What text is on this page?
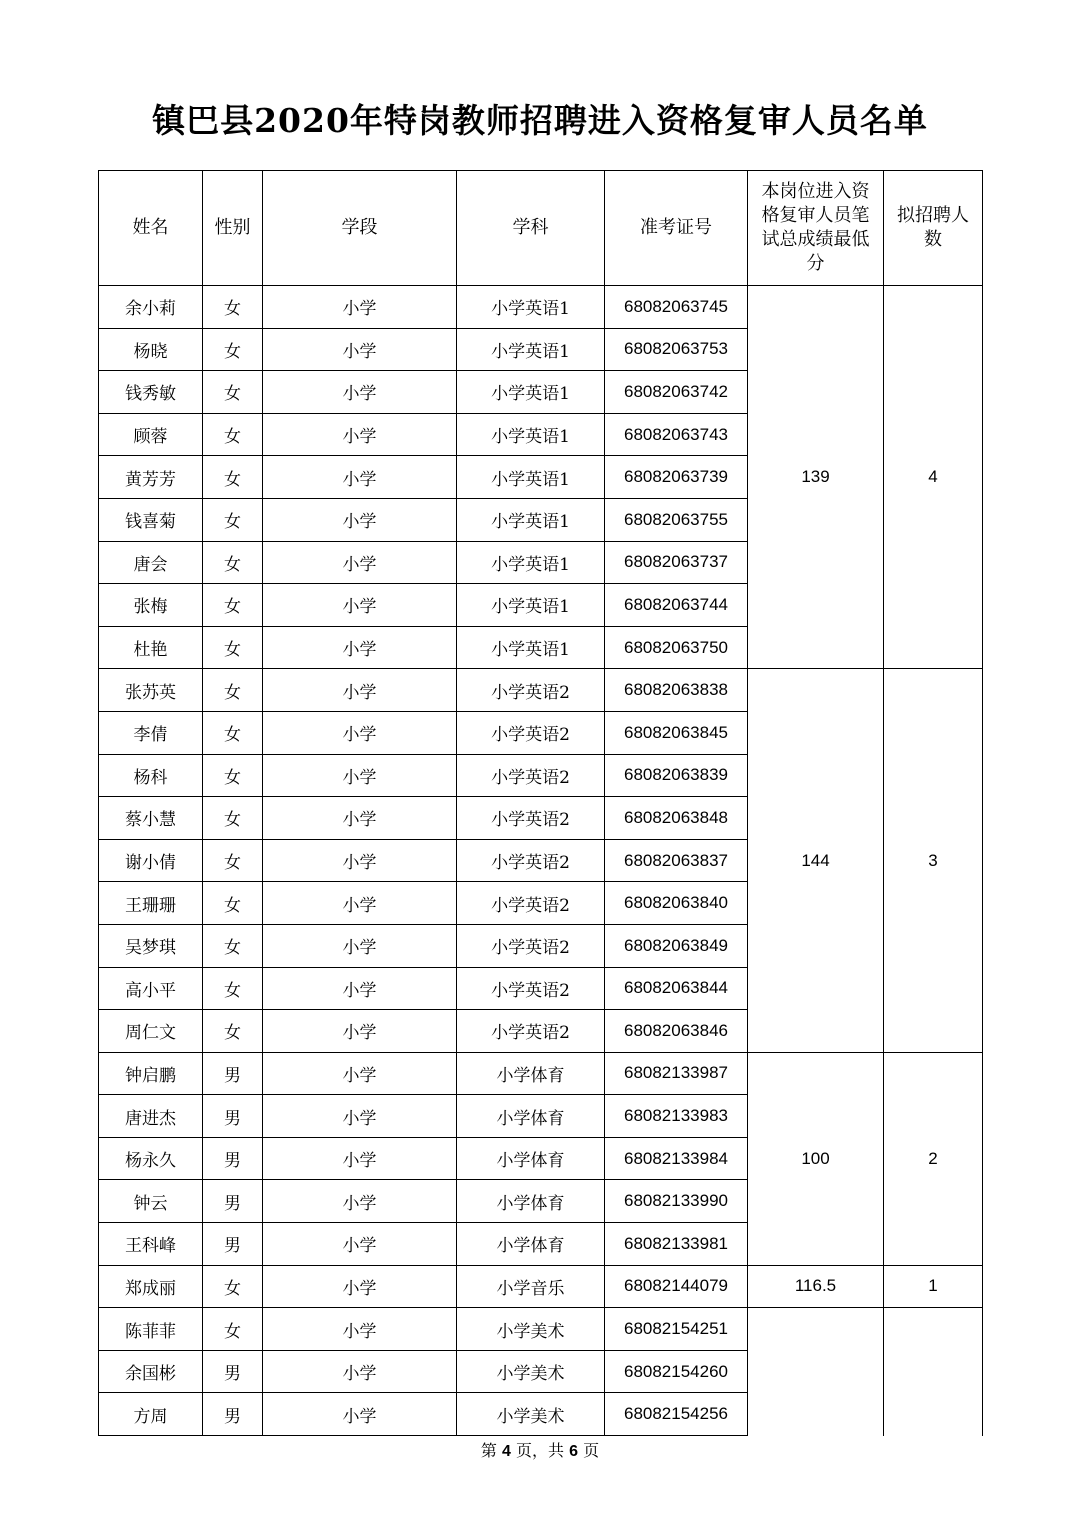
镇巴县2020年特岗教师招聘进入资格复审人员名单
姓名	性别	学段	学科	准考证号	本岗位进入资格复审人员笔试总成绩最低分	拟招聘人数
余小莉	女	小学	小学英语1	68082063745	139	4
杨晓	女	小学	小学英语1	68082063753		
钱秀敏	女	小学	小学英语1	68082063742		
顾蓉	女	小学	小学英语1	68082063743		
黄芳芳	女	小学	小学英语1	68082063739		
钱喜菊	女	小学	小学英语1	68082063755		
唐会	女	小学	小学英语1	68082063737		
张梅	女	小学	小学英语1	68082063744		
杜艳	女	小学	小学英语1	68082063750		
张苏英	女	小学	小学英语2	68082063838	144	3
李倩	女	小学	小学英语2	68082063845		
杨科	女	小学	小学英语2	68082063839		
蔡小慧	女	小学	小学英语2	68082063848		
谢小倩	女	小学	小学英语2	68082063837		
王珊珊	女	小学	小学英语2	68082063840		
吴梦琪	女	小学	小学英语2	68082063849		
高小平	女	小学	小学英语2	68082063844		
周仁文	女	小学	小学英语2	68082063846		
钟启鹏	男	小学	小学体育	68082133987	100	2
唐进杰	男	小学	小学体育	68082133983		
杨永久	男	小学	小学体育	68082133984		
钟云	男	小学	小学体育	68082133990		
王科峰	男	小学	小学体育	68082133981		
郑成丽	女	小学	小学音乐	68082144079	116.5	1
陈菲菲	女	小学	小学美术	68082154251		
余国彬	男	小学	小学美术	68082154260		
方周	男	小学	小学美术	68082154256		
第 4 页，共 6 页
